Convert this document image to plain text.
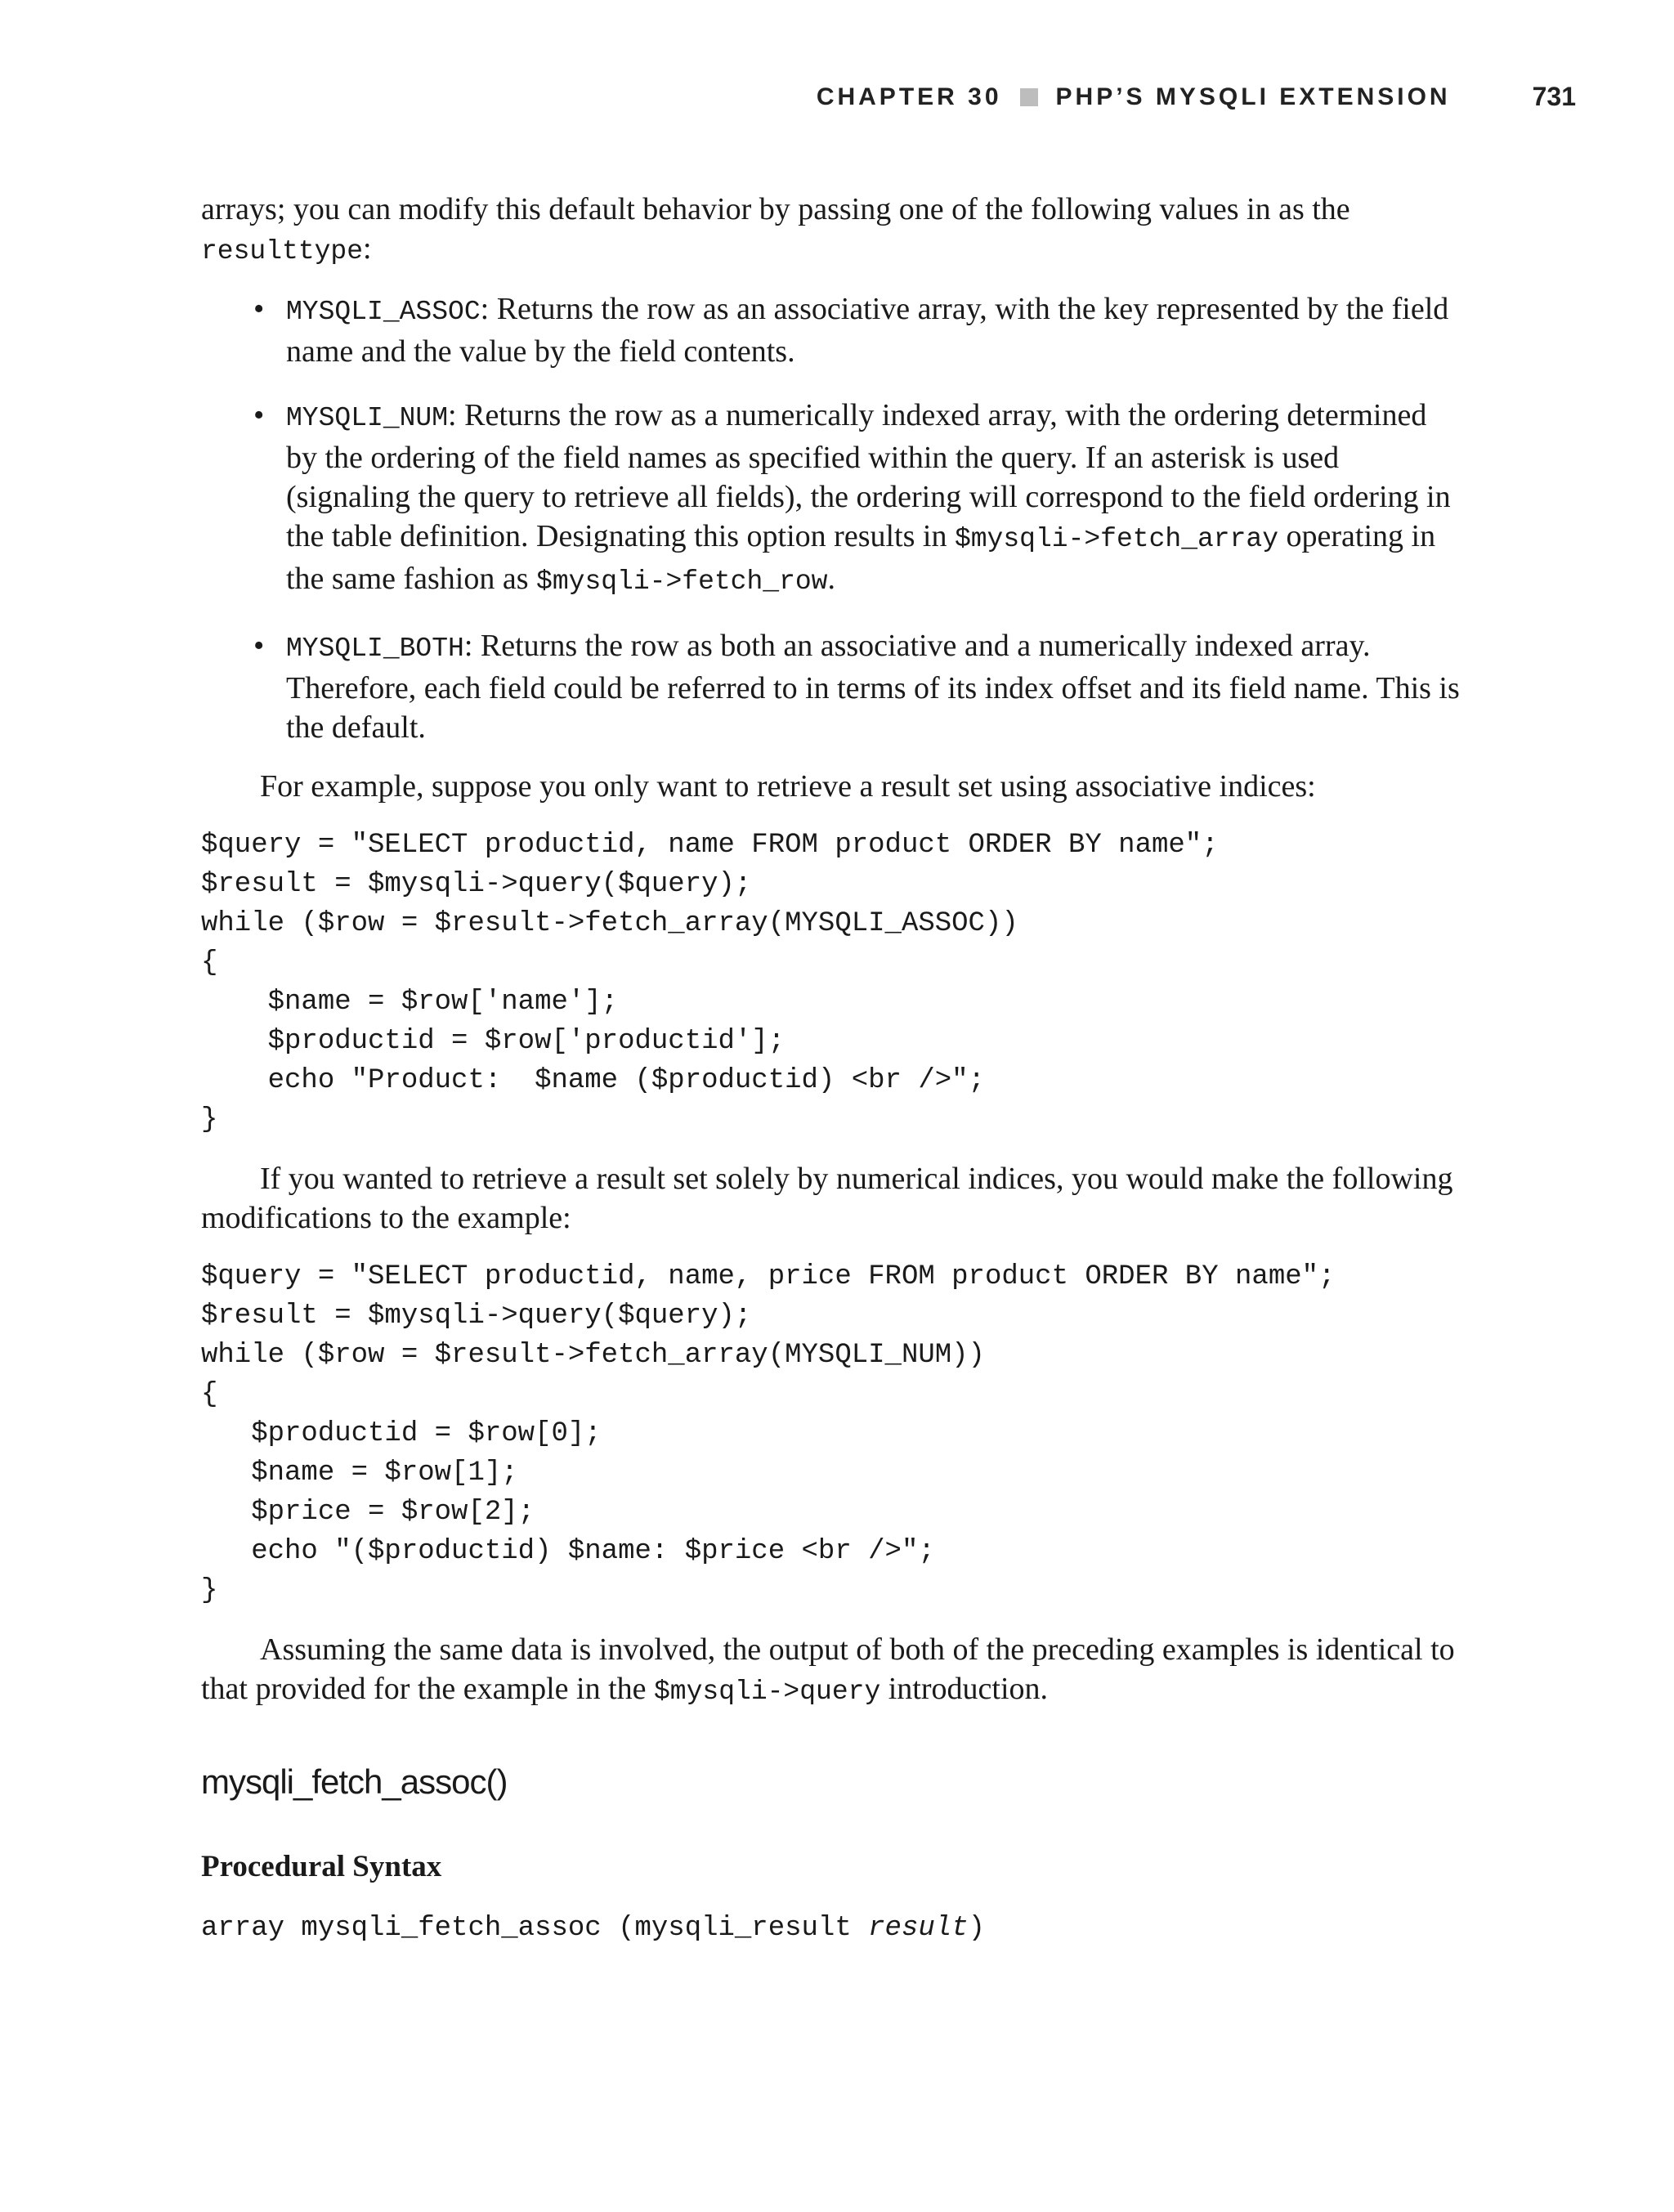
CHAPTER 30 PHP’S MYSQLI EXTENSION	731

arrays; you can modify this default behavior by passing one of the following values in as the resulttype:

• MYSQLI_ASSOC: Returns the row as an associative array, with the key represented by the field name and the value by the field contents.
• MYSQLI_NUM: Returns the row as a numerically indexed array, with the ordering determined by the ordering of the field names as specified within the query. If an asterisk is used (signaling the query to retrieve all fields), the ordering will correspond to the field ordering in the table definition. Designating this option results in $mysqli->fetch_array operating in the same fashion as $mysqli->fetch_row.
• MYSQLI_BOTH: Returns the row as both an associative and a numerically indexed array. Therefore, each field could be referred to in terms of its index offset and its field name. This is the default.

For example, suppose you only want to retrieve a result set using associative indices:

$query = "SELECT productid, name FROM product ORDER BY name";
$result = $mysqli->query($query);
while ($row = $result->fetch_array(MYSQLI_ASSOC))
{
$name = $row['name'];
$productid = $row['productid'];
echo "Product:  $name ($productid) <br />";
}

If you wanted to retrieve a result set solely by numerical indices, you would make the following modifications to the example:

$query = "SELECT productid, name, price FROM product ORDER BY name";
$result = $mysqli->query($query);
while ($row = $result->fetch_array(MYSQLI_NUM))
{
$productid = $row[0];
$name = $row[1];
$price = $row[2];
echo "($productid) $name: $price <br />";
}

Assuming the same data is involved, the output of both of the preceding examples is identical to that provided for the example in the $mysqli->query introduction.

mysqli_fetch_assoc()
Procedural Syntax
array mysqli_fetch_assoc (mysqli_result result)
